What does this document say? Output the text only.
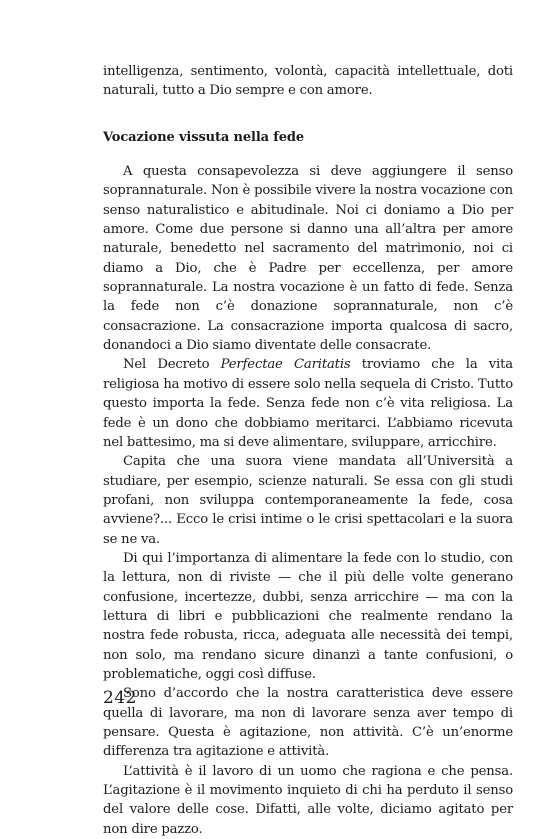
intelligenza, sentimento, volontà, capacità intellettuale, doti naturali, tutto a Dio sempre e con amore.

Vocazione vissuta nella fede

A questa consapevolezza si deve aggiungere il senso soprannaturale. Non è possibile vivere la nostra vocazione con senso naturalistico e abitudinale. Noi ci doniamo a Dio per amore. Come due persone si danno una all’altra per amore naturale, benedetto nel sacramento del matrimonio, noi ci diamo a Dio, che è Padre per eccellenza, per amore soprannaturale. La nostra vocazione è un fatto di fede. Senza la fede non c’è donazione soprannaturale, non c’è consacrazione. La consacrazione importa qualcosa di sacro, donandoci a Dio siamo diventate delle consacrate.

Nel Decreto Perfectae Caritatis troviamo che la vita religiosa ha motivo di essere solo nella sequela di Cristo. Tutto questo importa la fede. Senza fede non c’è vita religiosa. La fede è un dono che dobbiamo meritarci. L’abbiamo ricevuta nel battesimo, ma si deve alimentare, sviluppare, arricchire.

Capita che una suora viene mandata all’Università a studiare, per esempio, scienze naturali. Se essa con gli studi profani, non sviluppa contemporaneamente la fede, cosa avviene?... Ecco le crisi intime o le crisi spettacolari e la suora se ne va.

Di qui l’importanza di alimentare la fede con lo studio, con la lettura, non di riviste — che il più delle volte generano confusione, incertezze, dubbi, senza arricchire — ma con la lettura di libri e pubblicazioni che realmente rendano la nostra fede robusta, ricca, adeguata alle necessità dei tempi, non solo, ma rendano sicure dinanzi a tante confusioni, o problematiche, oggi così diffuse.

Sono d’accordo che la nostra caratteristica deve essere quella di lavorare, ma non di lavorare senza aver tempo di pensare. Questa è agitazione, non attività. C’è un’enorme differenza tra agitazione e attività.

L’attività è il lavoro di un uomo che ragiona e che pensa. L’agitazione è il movimento inquieto di chi ha perduto il senso del valore delle cose. Difatti, alle volte, diciamo agitato per non dire pazzo.

242
